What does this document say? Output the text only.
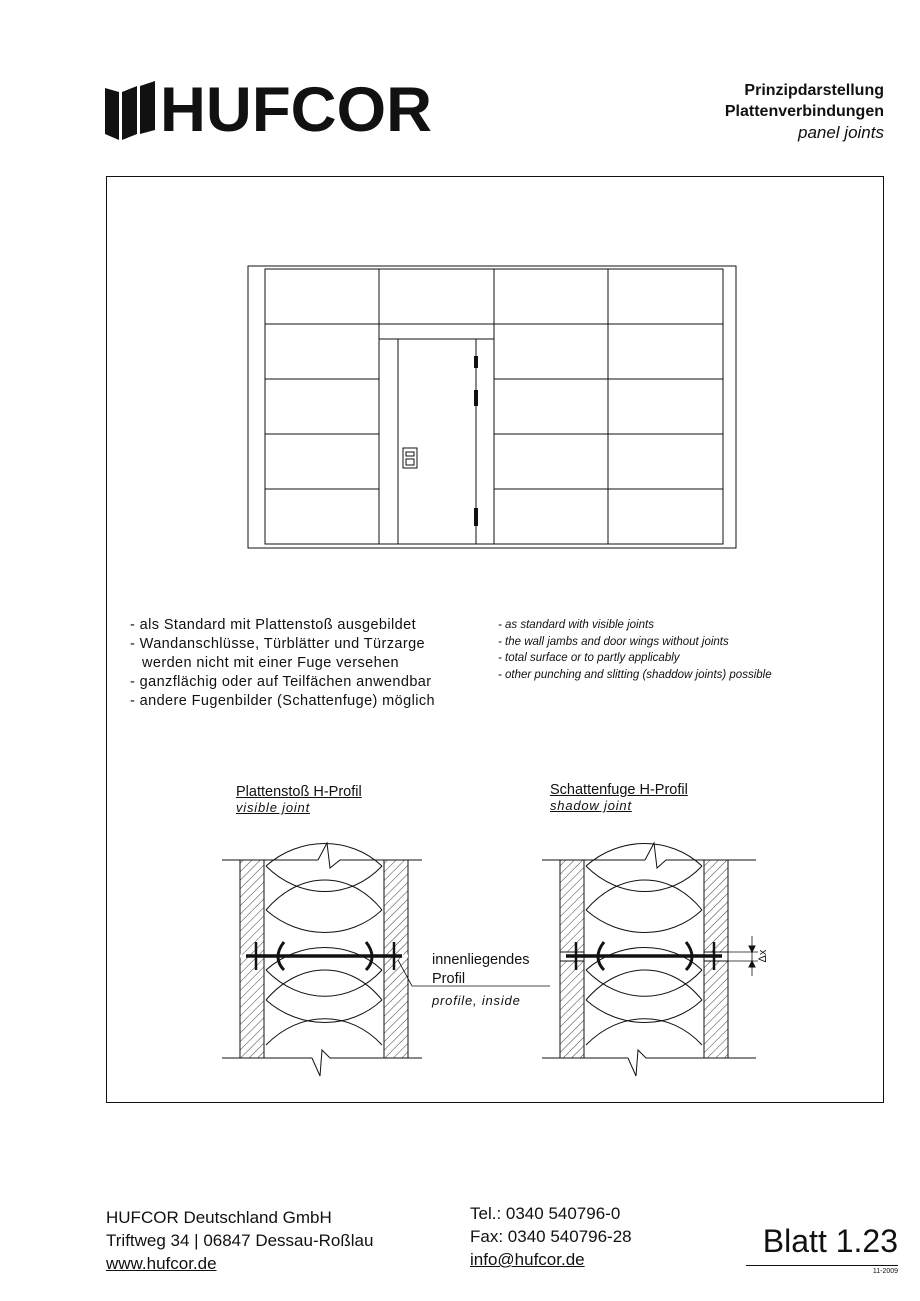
HUFCOR	Prinzipdarstellung
Plattenverbindungen
panel joints
- als Standard mit Plattenstoß ausgebildet
- Wandanschlüsse, Türblätter und Türzarge
werden nicht mit einer Fuge versehen
- ganzflächig oder auf Teilfächen anwendbar
- andere Fugenbilder (Schattenfuge) möglich
- as standard with visible joints
- the wall jambs and door wings without joints
- total surface or to partly applicably
- other punching and slitting (shaddow joints) possible
Plattenstoß H-Profil
visible joint
Schattenfuge H-Profil
shadow joint
innenliegendes
Profil
profile, inside
Δx
HUFCOR Deutschland GmbH
Triftweg 34 | 06847 Dessau-Roßlau
www.hufcor.de
Tel.: 0340 540796-0
Fax: 0340 540796-28
info@hufcor.de
Blatt 1.23
11-2009
